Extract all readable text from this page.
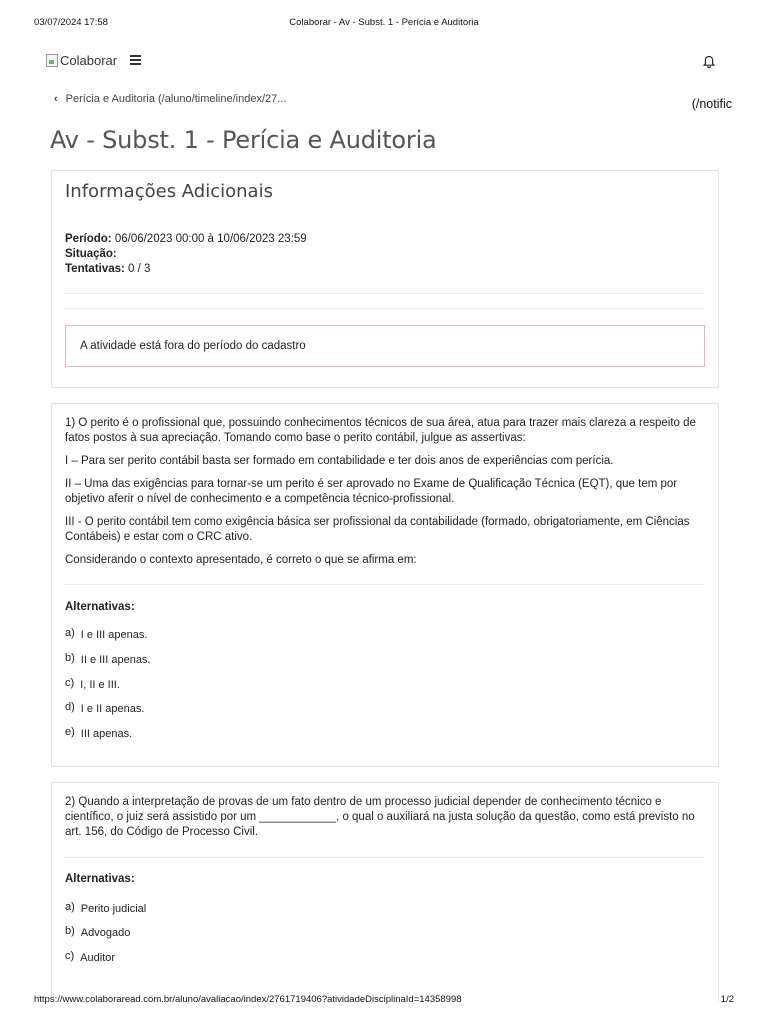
03/07/2024 17:58	Colaborar - Av - Subst. 1 - Perícia e Auditoria
Colaborar
‹ Perícia e Auditoria (/aluno/timeline/index/27...	(/notific
Av - Subst. 1 - Perícia e Auditoria
Informações Adicionais
Período: 06/06/2023 00:00 à 10/06/2023 23:59
Situação:
Tentativas: 0 / 3
A atividade está fora do período do cadastro

1) O perito é o profissional que, possuindo conhecimentos técnicos de sua área, atua para trazer mais clareza a respeito de fatos postos à sua apreciação. Tomando como base o perito contábil, julgue as assertivas:

I – Para ser perito contábil basta ser formado em contabilidade e ter dois anos de experiências com perícia.

II – Uma das exigências para tornar-se um perito é ser aprovado no Exame de Qualificação Técnica (EQT), que tem por objetivo aferir o nível de conhecimento e a competência técnico-profissional.

III - O perito contábil tem como exigência básica ser profissional da contabilidade (formado, obrigatoriamente, em Ciências Contábeis) e estar com o CRC ativo.

Considerando o contexto apresentado, é correto o que se afirma em:

Alternativas:
a) I e III apenas.
b) II e III apenas.
c) I, II e III.
d) I e II apenas.
e) III apenas.

2) Quando a interpretação de provas de um fato dentro de um processo judicial depender de conhecimento técnico e científico, o juiz será assistido por um ____________, o qual o auxiliará na justa solução da questão, como está previsto no art. 156, do Código de Processo Civil.

Alternativas:
a) Perito judicial
b) Advogado
c) Auditor
https://www.colaboraread.com.br/aluno/avaliacao/index/2761719406?atividadeDisciplinaId=14358998	1/2
